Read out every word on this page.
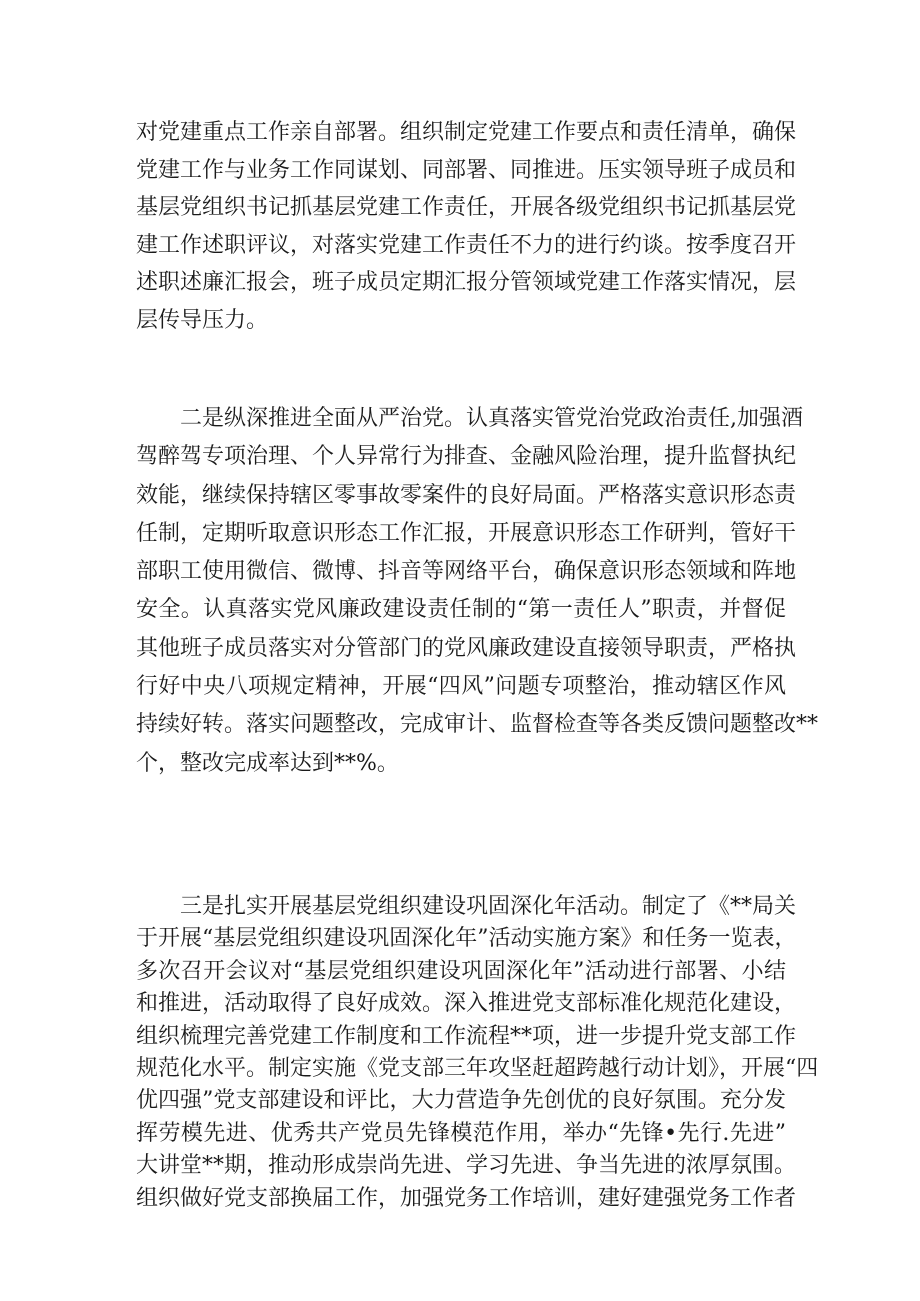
对党建重点工作亲自部署。组织制定党建工作要点和责任清单，确保
党建工作与业务工作同谋划、同部署、同推进。压实领导班子成员和
基层党组织书记抓基层党建工作责任，开展各级党组织书记抓基层党
建工作述职评议，对落实党建工作责任不力的进行约谈。按季度召开
述职述廉汇报会，班子成员定期汇报分管领域党建工作落实情况，层
层传导压力。
二是纵深推进全面从严治党。认真落实管党治党政治责任,加强酒
驾醉驾专项治理、个人异常行为排查、金融风险治理，提升监督执纪
效能，继续保持辖区零事故零案件的良好局面。严格落实意识形态责
任制，定期听取意识形态工作汇报，开展意识形态工作研判，管好干
部职工使用微信、微博、抖音等网络平台，确保意识形态领域和阵地
安全。认真落实党风廉政建设责任制的“第一责任人”职责，并督促
其他班子成员落实对分管部门的党风廉政建设直接领导职责，严格执
行好中央八项规定精神，开展“四风”问题专项整治，推动辖区作风
持续好转。落实问题整改，完成审计、监督检查等各类反馈问题整改**
个，整改完成率达到**%。
三是扎实开展基层党组织建设巩固深化年活动。制定了《**局关
于开展“基层党组织建设巩固深化年”活动实施方案》和任务一览表，
多次召开会议对“基层党组织建设巩固深化年”活动进行部署、小结
和推进，活动取得了良好成效。深入推进党支部标准化规范化建设，
组织梳理完善党建工作制度和工作流程**项，进一步提升党支部工作
规范化水平。制定实施《党支部三年攻坚赶超跨越行动计划》，开展“四
优四强”党支部建设和评比，大力营造争先创优的良好氛围。充分发
挥劳模先进、优秀共产党员先锋模范作用，举办“先锋•先行.先进”
大讲堂**期，推动形成崇尚先进、学习先进、争当先进的浓厚氛围。
组织做好党支部换届工作，加强党务工作培训，建好建强党务工作者
